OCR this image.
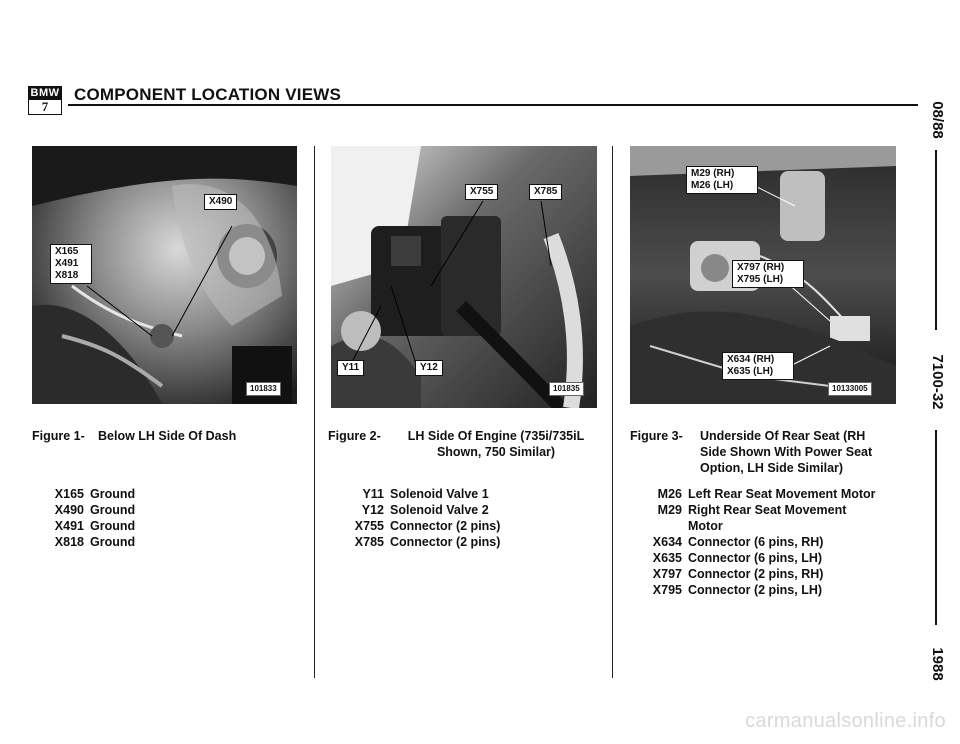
BMW
7
COMPONENT LOCATION VIEWS
08/88
7100-32
1988
X490
X165
X491
X818
101833
X755	X785
Y11	Y12
101835
M29 (RH)
M26 (LH)
X797 (RH)
X795 (LH)
X634 (RH)
X635 (LH)
10133005
Figure 1- Below LH Side Of Dash	Figure 2-	LH Side Of Engine (735i/735iL Shown, 750 Similar)
Figure 3- Underside Of Rear Seat (RH Side Shown With Power Seat Option, LH Side Similar)
X165 Ground
X490 Ground
X491 Ground
X818 Ground
Y11 Solenoid Valve 1
Y12 Solenoid Valve 2
X755 Connector (2 pins)
X785 Connector (2 pins)
M26 Left Rear Seat Movement Motor
M29 Right Rear Seat Movement Motor
X634 Connector (6 pins, RH)
X635 Connector (6 pins, LH)
X797 Connector (2 pins, RH)
X795 Connector (2 pins, LH)
carmanualsonline.info
